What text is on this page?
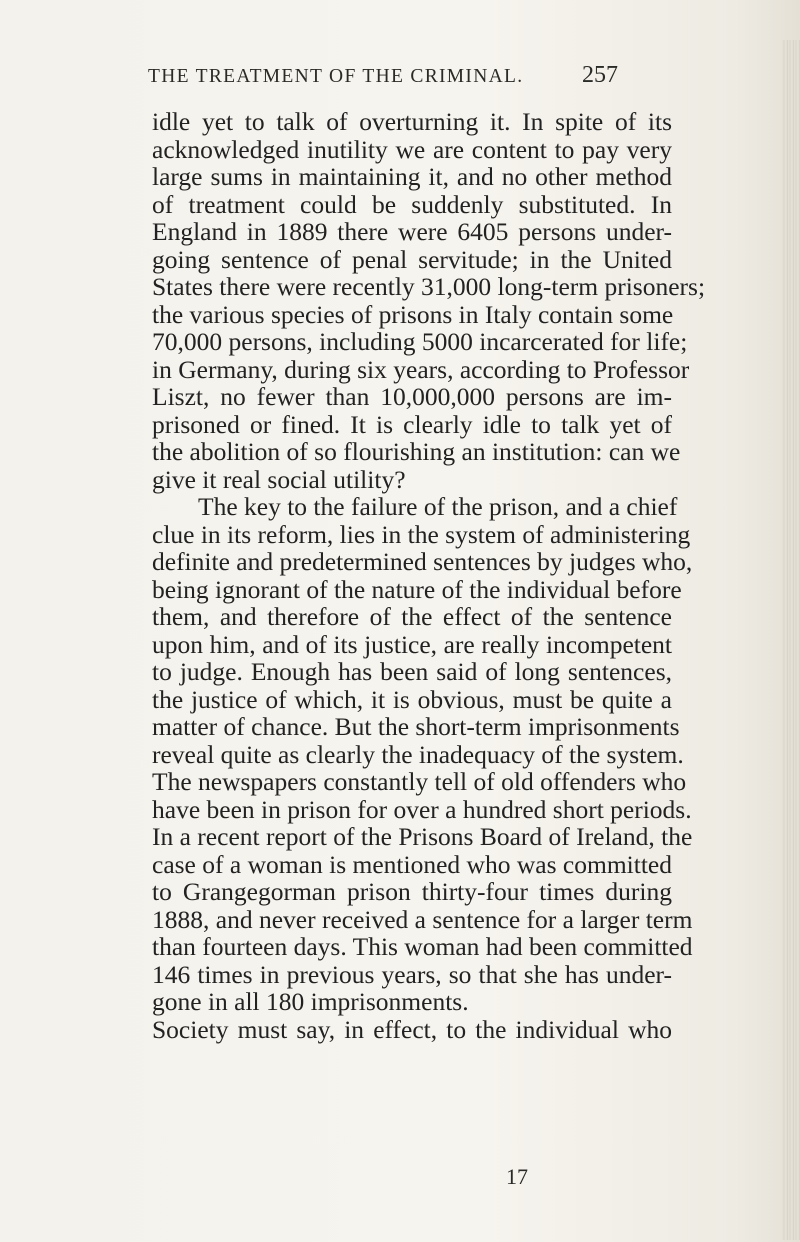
THE TREATMENT OF THE CRIMINAL. 257

idle yet to talk of overturning it. In spite of its
acknowledged inutility we are content to pay very
large sums in maintaining it, and no other method
of treatment could be suddenly substituted. In
England in 1889 there were 6405 persons under-
going sentence of penal servitude; in the United
States there were recently 31,000 long-term prisoners;
the various species of prisons in Italy contain some
70,000 persons, including 5000 incarcerated for life;
in Germany, during six years, according to Professor
Liszt, no fewer than 10,000,000 persons are im-
prisoned or fined. It is clearly idle to talk yet of
the abolition of so flourishing an institution: can we
give it real social utility?

The key to the failure of the prison, and a chief
clue in its reform, lies in the system of administering
definite and predetermined sentences by judges who,
being ignorant of the nature of the individual before
them, and therefore of the effect of the sentence
upon him, and of its justice, are really incompetent
to judge. Enough has been said of long sentences,
the justice of which, it is obvious, must be quite a
matter of chance. But the short-term imprisonments
reveal quite as clearly the inadequacy of the system.
The newspapers constantly tell of old offenders who
have been in prison for over a hundred short periods.
In a recent report of the Prisons Board of Ireland, the
case of a woman is mentioned who was committed
to Grangegorman prison thirty-four times during
1888, and never received a sentence for a larger term
than fourteen days. This woman had been committed
146 times in previous years, so that she has under-
gone in all 180 imprisonments.

Society must say, in effect, to the individual who

17
